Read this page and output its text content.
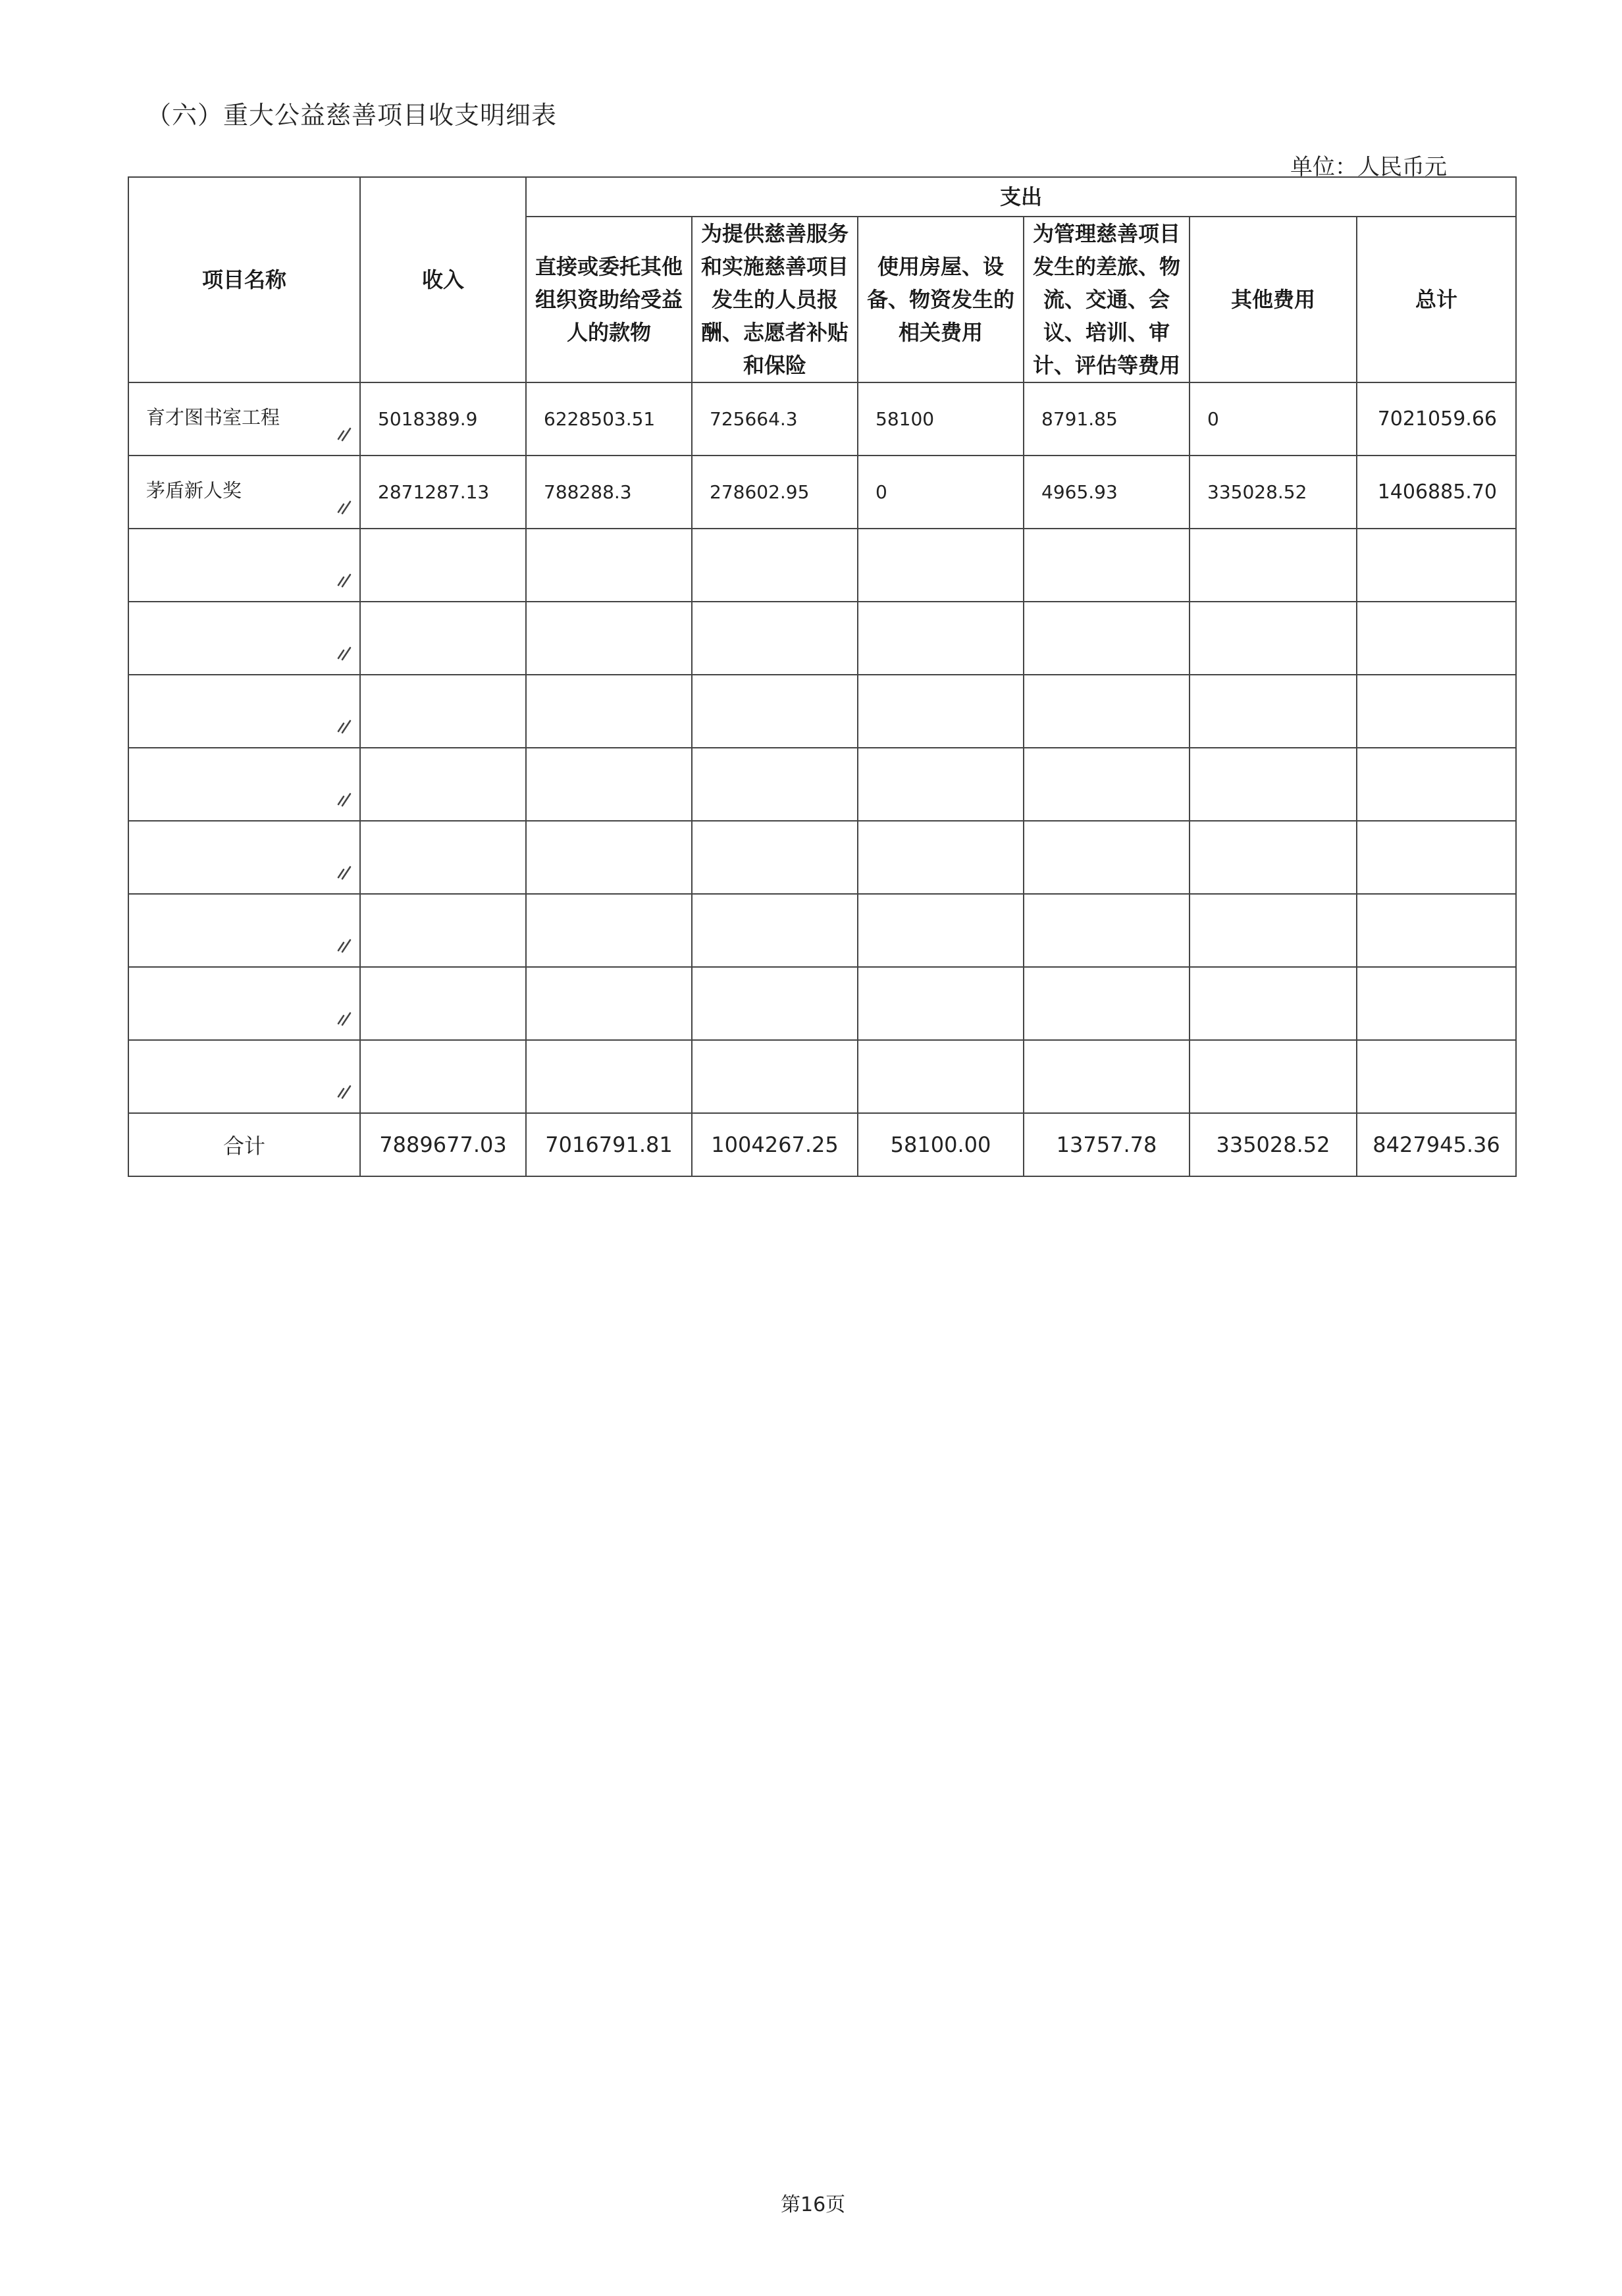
（六）重大公益慈善项目收支明细表
单位：人民币元
项目名称	收入	支出					
		直接或委托其他组织资助给受益人的款物	为提供慈善服务和实施慈善项目发生的人员报酬、志愿者补贴和保险	使用房屋、设备、物资发生的相关费用	为管理慈善项目发生的差旅、物流、交通、会议、培训、审计、评估等费用	其他费用	总计

育才图书室工程	5018389.9	6228503.51	725664.3	58100	8791.85	0	7021059.66

茅盾新人奖	2871287.13	788288.3	278602.95	0	4965.93	335028.52	1406885.70

合计	7889677.03	7016791.81	1004267.25	58100.00	13757.78	335028.52	8427945.36
第16页
